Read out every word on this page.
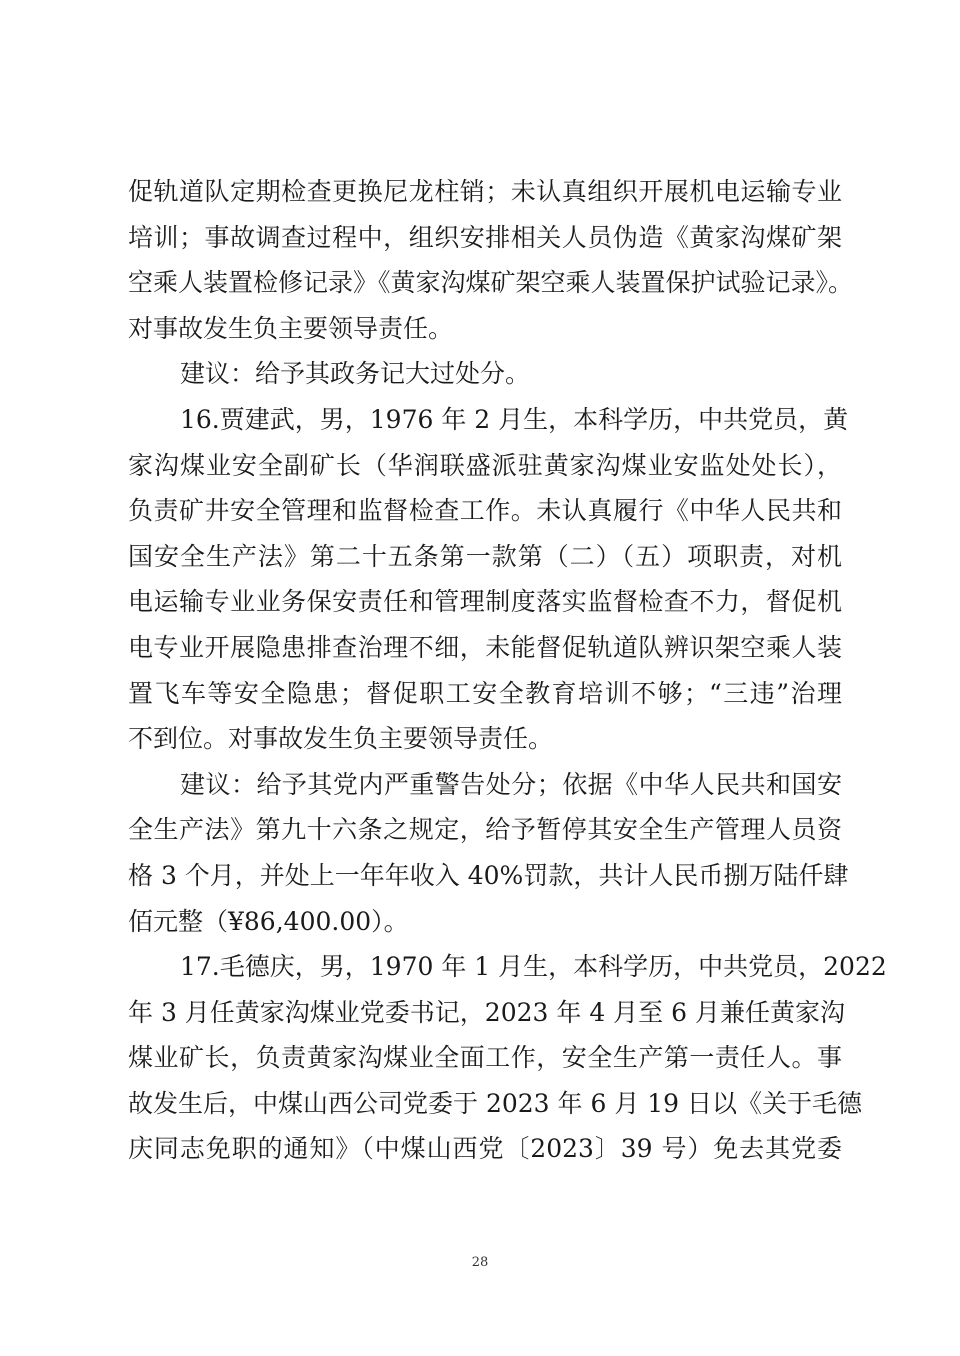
促轨道队定期检查更换尼龙柱销；未认真组织开展机电运输专业
培训；事故调查过程中，组织安排相关人员伪造《黄家沟煤矿架
空乘人装置检修记录》《黄家沟煤矿架空乘人装置保护试验记录》。
对事故发生负主要领导责任。
建议：给予其政务记大过处分。
16.贾建武，男，1976 年 2 月生，本科学历，中共党员，黄
家沟煤业安全副矿长（华润联盛派驻黄家沟煤业安监处处长），
负责矿井安全管理和监督检查工作。未认真履行《中华人民共和
国安全生产法》第二十五条第一款第（二）（五）项职责，对机
电运输专业业务保安责任和管理制度落实监督检查不力，督促机
电专业开展隐患排查治理不细，未能督促轨道队辨识架空乘人装
置飞车等安全隐患；督促职工安全教育培训不够；“三违”治理
不到位。对事故发生负主要领导责任。
建议：给予其党内严重警告处分；依据《中华人民共和国安
全生产法》第九十六条之规定，给予暂停其安全生产管理人员资
格 3 个月，并处上一年年收入 40%罚款，共计人民币捌万陆仟肆
佰元整（¥86,400.00）。
17.毛德庆，男，1970 年 1 月生，本科学历，中共党员，2022
年 3 月任黄家沟煤业党委书记，2023 年 4 月至 6 月兼任黄家沟
煤业矿长，负责黄家沟煤业全面工作，安全生产第一责任人。事
故发生后，中煤山西公司党委于 2023 年 6 月 19 日以《关于毛德
庆同志免职的通知》（中煤山西党〔2023〕39 号）免去其党委
28
